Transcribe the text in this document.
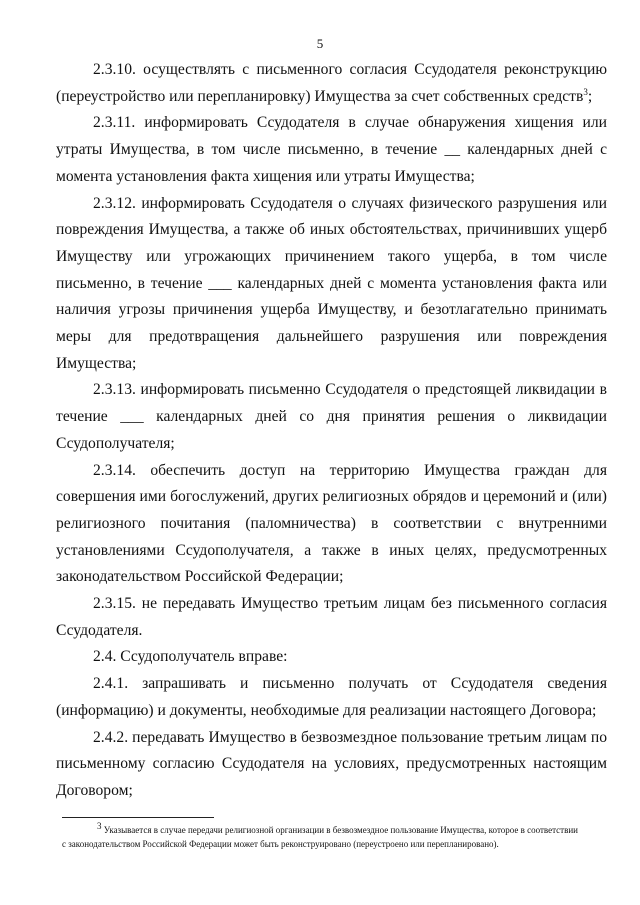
5

2.3.10. осуществлять с письменного согласия Ссудодателя реконструкцию (переустройство или перепланировку) Имущества за счет собственных средств$^3$;

2.3.11. информировать Ссудодателя в случае обнаружения хищения или утраты Имущества, в том числе письменно, в течение __ календарных дней с момента установления факта хищения или утраты Имущества;

2.3.12. информировать Ссудодателя о случаях физического разрушения или повреждения Имущества, а также об иных обстоятельствах, причинивших ущерб Имуществу или угрожающих причинением такого ущерба, в том числе письменно, в течение ___ календарных дней с момента установления факта или наличия угрозы причинения ущерба Имуществу, и безотлагательно принимать меры для предотвращения дальнейшего разрушения или повреждения Имущества;

2.3.13. информировать письменно Ссудодателя о предстоящей ликвидации в течение ___ календарных дней со дня принятия решения о ликвидации Ссудополучателя;

2.3.14. обеспечить доступ на территорию Имущества граждан для совершения ими богослужений, других религиозных обрядов и церемоний и (или) религиозного почитания (паломничества) в соответствии с внутренними установлениями Ссудополучателя, а также в иных целях, предусмотренных законодательством Российской Федерации;

2.3.15. не передавать Имущество третьим лицам без письменного согласия Ссудодателя.

2.4. Ссудополучатель вправе:

2.4.1. запрашивать и письменно получать от Ссудодателя сведения (информацию) и документы, необходимые для реализации настоящего Договора;

2.4.2. передавать Имущество в безвозмездное пользование третьим лицам по письменному согласию Ссудодателя на условиях, предусмотренных настоящим Договором;

$^3$ Указывается в случае передачи религиозной организации в безвозмездное пользование Имущества, которое в соответствии
с законодательством Российской Федерации может быть реконструировано (переустроено или перепланировано).
